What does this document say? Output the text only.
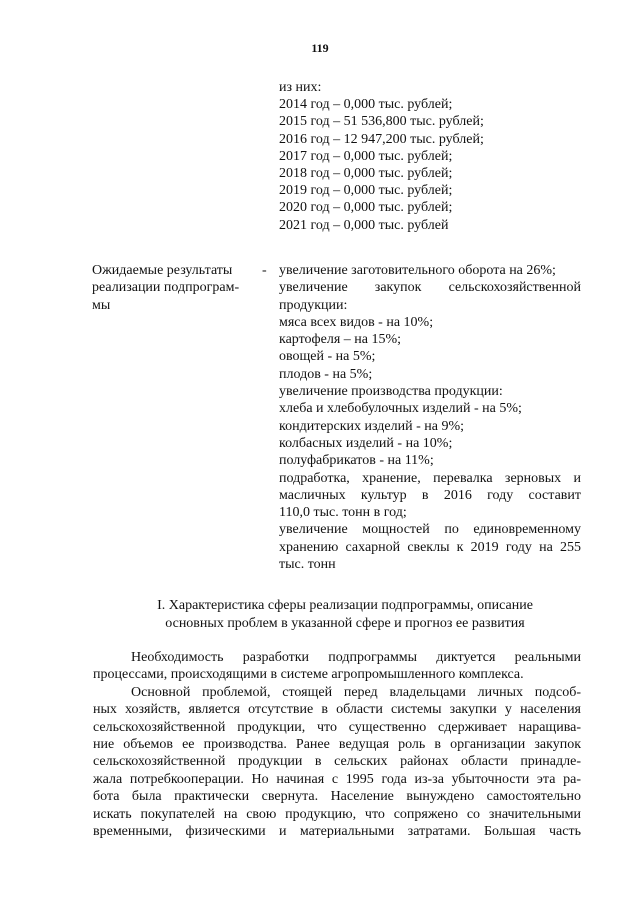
119
из них:
2014 год – 0,000 тыс. рублей;
2015 год – 51 536,800 тыс. рублей;
2016 год – 12 947,200 тыс. рублей;
2017 год – 0,000 тыс. рублей;
2018 год – 0,000 тыс. рублей;
2019 год – 0,000 тыс. рублей;
2020 год – 0,000 тыс. рублей;
2021 год – 0,000 тыс. рублей
Ожидаемые результаты
реализации подпрограм-
мы
- увеличение заготовительного оборота на 26%;
увеличение закупок сельскохозяйственной
продукции:
мяса всех видов - на 10%;
картофеля – на 15%;
овощей - на 5%;
плодов - на 5%;
увеличение производства продукции:
хлеба и хлебобулочных изделий - на 5%;
кондитерских изделий - на 9%;
колбасных изделий - на 10%;
полуфабрикатов - на 11%;
подработка, хранение, перевалка зерновых и
масличных культур в 2016 году составит
110,0 тыс. тонн в год;
увеличение мощностей по единовременному
хранению сахарной свеклы к 2019 году на 255
тыс. тонн
I. Характеристика сферы реализации подпрограммы, описание
основных проблем в указанной сфере и прогноз ее развития
Необходимость разработки подпрограммы диктуется реальными
процессами, происходящими в системе агропромышленного комплекса.
Основной проблемой, стоящей перед владельцами личных подсоб-
ных хозяйств, является отсутствие в области системы закупки у населения
сельскохозяйственной продукции, что существенно сдерживает наращива-
ние объемов ее производства. Ранее ведущая роль в организации закупок
сельскохозяйственной продукции в сельских районах области принадле-
жала потребкооперации. Но начиная с 1995 года из-за убыточности эта ра-
бота была практически свернута. Население вынуждено самостоятельно
искать покупателей на свою продукцию, что сопряжено со значительными
временными, физическими и материальными затратами. Большая часть
